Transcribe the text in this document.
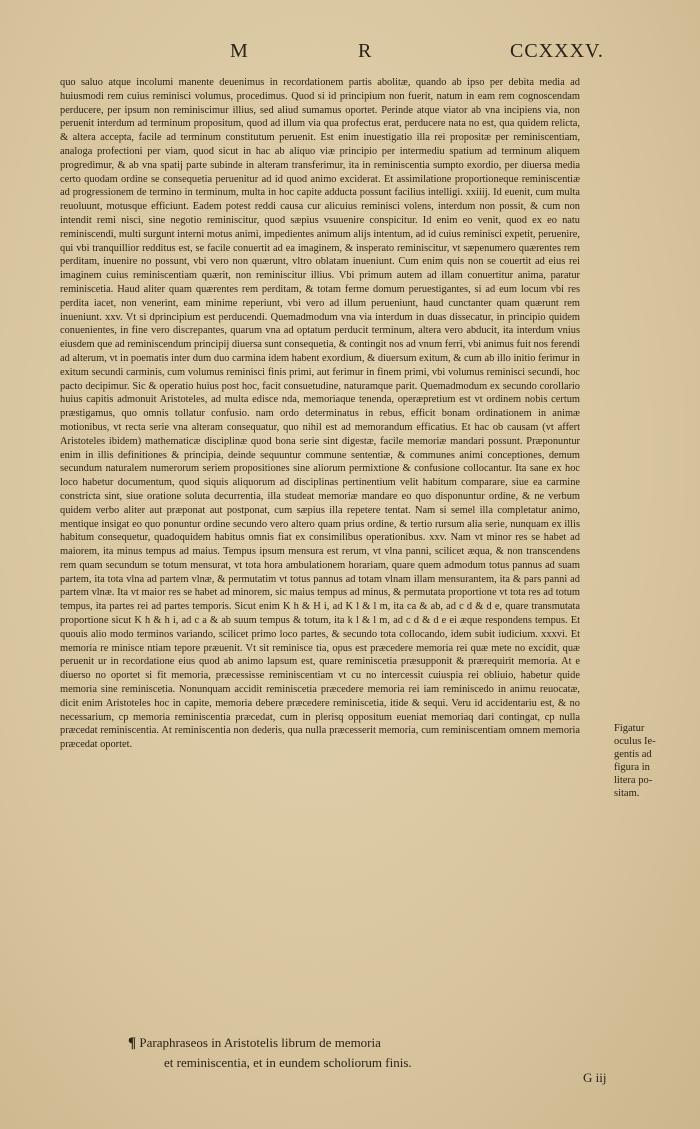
M	R	CCXXXV.

quo saluo atque incolumi manente deuenimus in recordationem partis abolitæ, quando ab ipso per debita media ad huiusmodi rem cuius reminisci volumus, procedimus. Quod si id principium non fuerit, natum in eam rem cognoscendam perducere, per ipsum non reminiscimur illius, sed aliud sumamus oportet. Perinde atque viator ab vna incipiens via, non peruenit interdum ad terminum propositum, quod ad illum via qua profectus erat, perducere nata no est, qua quidem relicta, & altera accepta, facile ad terminum constitutum peruenit. Est enim inuestigatio illa rei propositæ per reminiscentiam, analoga profectioni per viam, quod sicut in hac ab aliquo viæ principio per intermediu spatium ad terminum aliquem progredimur, & ab vna spatij parte subinde in alteram transferimur, ita in reminiscentia sumpto exordio, per diuersa media certo quodam ordine se consequetia peruenitur ad id quod animo exciderat. Et assimilatione proportioneque reminiscentiæ ad progressionem de termino in terminum, multa in hoc capite adducta possunt facilius intelligi. xxiiij. Id euenit, cum multa reuoluunt, motusque efficiunt. Eadem potest reddi causa cur alicuius reminisci volens, interdum non possit, & cum non intendit remi nisci, sine negotio reminiscitur, quod sæpius vsuuenire conspicitur. Id enim eo venit, quod ex eo natu reminiscendi, multi surgunt interni motus animi, impedientes animum alijs intentum, ad id cuius reminisci expetit, peruenire, qui vbi tranquillior redditus est, se facile conuertit ad ea imaginem, & insperato reminiscitur, vt sæpenumero quærentes rem perditam, inuenire no possunt, vbi vero non quærunt, vltro oblatam inueniunt. Cum enim quis non se couertit ad eius rei imaginem cuius reminiscentiam quærit, non reminiscitur illius. Vbi primum autem ad illam conuertitur anima, paratur reminiscetia. Haud aliter quam quærentes rem perditam, & totam ferme domum peruestigantes, si ad eum locum vbi res perdita iacet, non venerint, eam minime reperiunt, vbi vero ad illum perueniunt, haud cunctanter quam quærunt rem inueniunt. xxv. Vt si dprincipium est perducendi. Quemadmodum vna via interdum in duas dissecatur, in principio quidem conuenientes, in fine vero discrepantes, quarum vna ad optatum perducit terminum, altera vero abducit, ita interdum vnius eiusdem que ad reminiscendum principij diuersa sunt consequetia, & contingit nos ad vnum ferri, vbi animus fuit nos ferendi ad alterum, vt in poematis inter dum duo carmina idem habent exordium, & diuersum exitum, & cum ab illo initio ferimur in exitum secundi carminis, cum volumus reminisci finis primi, aut ferimur in finem primi, vbi volumus reminisci secundi, hoc pacto decipimur. Sic & operatio huius post hoc, facit consuetudine, naturamque parit. Quemadmodum ex secundo corollario huius capitis admonuit Aristoteles, ad multa edisce nda, memoriaque tenenda, operæpretium est vt ordinem nobis certum præstigamus, quo omnis tollatur confusio. nam ordo determinatus in rebus, efficit bonam ordinationem in animæ motionibus, vt recta serie vna alteram consequatur, quo nihil est ad memorandum efficatius. Et hac ob causam (vt affert Aristoteles ibidem) mathematicæ disciplinæ quod bona serie sint digestæ, facile memoriæ mandari possunt. Præponuntur enim in illis definitiones & principia, deinde sequuntur commune sententiæ, & communes animi conceptiones, demum secundum naturalem numerorum seriem propositiones sine aliorum permixtione & confusione collocantur. Ita sane ex hoc loco habetur documentum, quod siquis aliquorum ad disciplinas pertinentium velit habitum comparare, siue ea carmine constricta sint, siue oratione soluta decurrentia, illa studeat memoriæ mandare eo quo disponuntur ordine, & ne verbum quidem verbo aliter aut præponat aut postponat, cum sæpius illa repetere tentat. Nam si semel illa completatur animo, mentique insigat eo quo ponuntur ordine secundo vero altero quam prius ordine, & tertio rursum alia serie, nunquam ex illis habitum consequetur, quadoquidem habitus omnis fiat ex consimilibus operationibus. xxv. Nam vt minor res se habet ad maiorem, ita minus tempus ad maius. Tempus ipsum mensura est rerum, vt vlna panni, scilicet æqua, & non transcendens rem quam secundum se totum mensurat, vt tota hora ambulationem horariam, quare quem admodum totus pannus ad suam partem, ita tota vlna ad partem vlnæ, & permutatim vt totus pannus ad totam vlnam illam mensurantem, ita & pars panni ad partem vlnæ. Ita vt maior res se habet ad minorem, sic maius tempus ad minus, & permutata proportione vt tota res ad totum tempus, ita partes rei ad partes temporis. Sicut enim K h & H i, ad K l & l m, ita ca & ab, ad c d & d e, quare transmutata proportione sicut K h & h i, ad c a & ab suum tempus & totum, ita k l & l m, ad c d & d e ei æque respondens tempus. Et quouis alio modo terminos variando, scilicet primo loco partes, & secundo tota collocando, idem subit iudicium. xxxvi. Et memoria re minisce ntiam tepore præuenit. Vt sit reminisce tia, opus est præcedere memoria rei quæ mete no excidit, quæ peruenit ur in recordatione eius quod ab animo lapsum est, quare reminiscetia præsupponit & prærequirit memoria. At e diuerso no oportet si fit memoria, præcessisse reminiscentiam vt cu no intercessit cuiuspia rei obliuio, habetur quide memoria sine reminiscetia. Nonunquam accidit reminiscetia præcedere memoria rei iam reminiscedo in animu reuocatæ, dicit enim Aristoteles hoc in capite, memoria debere præcedere reminiscetia, itide & sequi. Veru id accidentariu est, & no necessarium, cp memoria reminiscentia præcedat, cum in plerisq oppositum eueniat memoriaq dari contingat, cp nulla præcedat reminiscentia. At reminiscentia non dederis, qua nulla præcesserit memoria, cum reminiscentiam omnem memoria præcedat oportet.

Figatur
oculus Ie-
gentis ad
figura in
litera po-
sitam.
¶ Paraphraseos in Aristotelis librum de memoria
et reminiscentia, et in eundem scholiorum finis.
G iij
